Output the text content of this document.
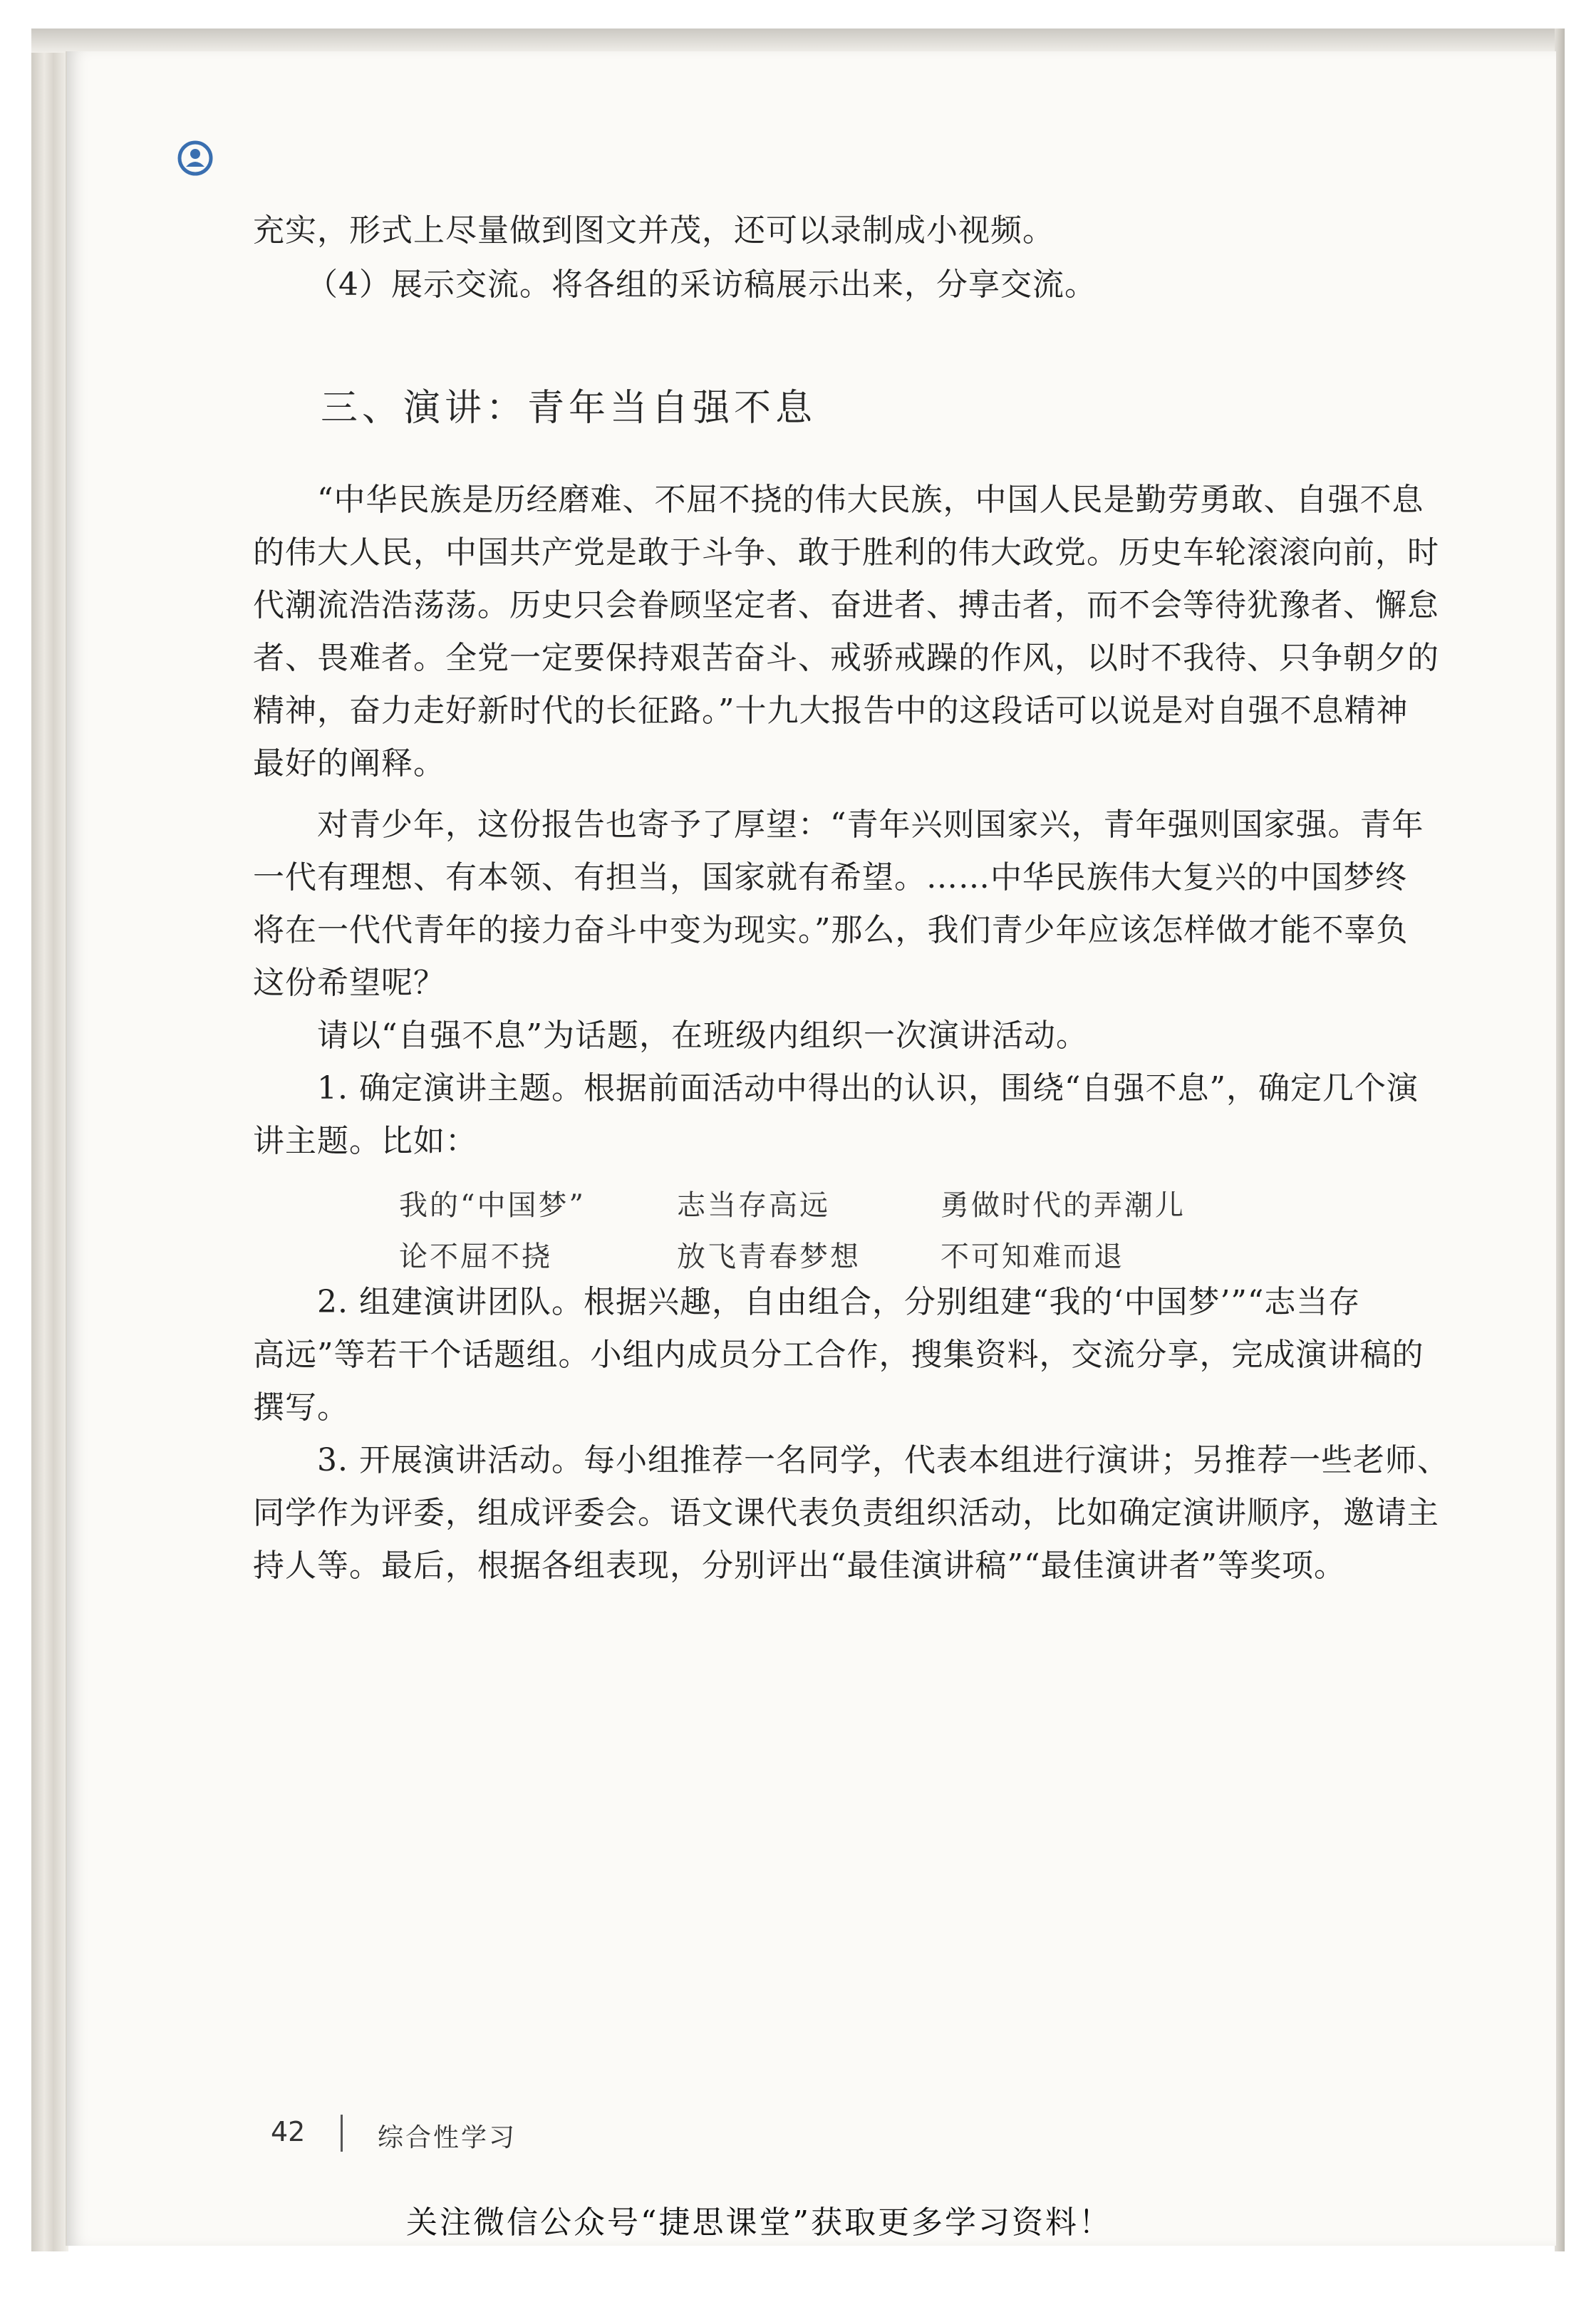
充实，形式上尽量做到图文并茂，还可以录制成小视频。
（4）展示交流。将各组的采访稿展示出来，分享交流。
三、演讲：青年当自强不息
“中华民族是历经磨难、不屈不挠的伟大民族，中国人民是勤劳勇敢、自强不息
的伟大人民，中国共产党是敢于斗争、敢于胜利的伟大政党。历史车轮滚滚向前，时
代潮流浩浩荡荡。历史只会眷顾坚定者、奋进者、搏击者，而不会等待犹豫者、懈怠
者、畏难者。全党一定要保持艰苦奋斗、戒骄戒躁的作风，以时不我待、只争朝夕的
精神，奋力走好新时代的长征路。”十九大报告中的这段话可以说是对自强不息精神
最好的阐释。
对青少年，这份报告也寄予了厚望：“青年兴则国家兴，青年强则国家强。青年
一代有理想、有本领、有担当，国家就有希望。……中华民族伟大复兴的中国梦终
将在一代代青年的接力奋斗中变为现实。”那么，我们青少年应该怎样做才能不辜负
这份希望呢？
请以“自强不息”为话题，在班级内组织一次演讲活动。
1. 确定演讲主题。根据前面活动中得出的认识，围绕“自强不息”，确定几个演
讲主题。比如：
我的“中国梦”	志当存高远	勇做时代的弄潮儿
论不屈不挠	放飞青春梦想	不可知难而退
2. 组建演讲团队。根据兴趣，自由组合，分别组建“我的‘中国梦’”“志当存
高远”等若干个话题组。小组内成员分工合作，搜集资料，交流分享，完成演讲稿的
撰写。
3. 开展演讲活动。每小组推荐一名同学，代表本组进行演讲；另推荐一些老师、
同学作为评委，组成评委会。语文课代表负责组织活动，比如确定演讲顺序，邀请主
持人等。最后，根据各组表现，分别评出“最佳演讲稿”“最佳演讲者”等奖项。
42	综合性学习
关注微信公众号“捷思课堂”获取更多学习资料！
